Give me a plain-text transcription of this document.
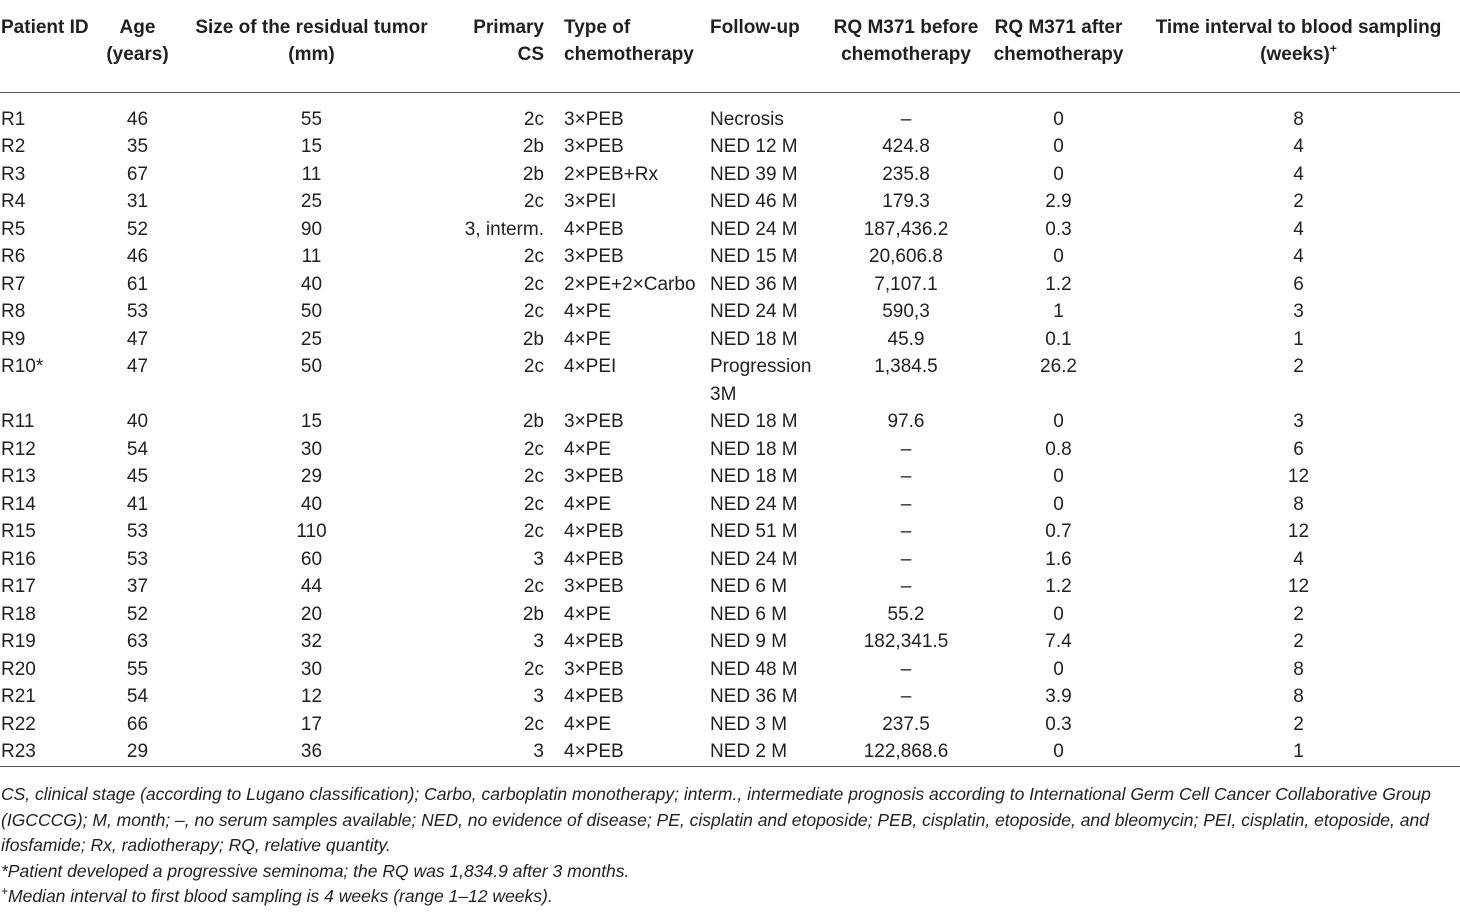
Patient ID	Age (years)	Size of the residual tumor (mm)	Primary CS	Type of chemotherapy	Follow-up	RQ M371 before chemotherapy	RQ M371 after chemotherapy	Time interval to blood sampling (weeks)+
R1	46	55	2c	3×PEB	Necrosis	–	0	8
R2	35	15	2b	3×PEB	NED 12 M	424.8	0	4
R3	67	11	2b	2×PEB+Rx	NED 39 M	235.8	0	4
R4	31	25	2c	3×PEI	NED 46 M	179.3	2.9	2
R5	52	90	3, interm.	4×PEB	NED 24 M	187,436.2	0.3	4
R6	46	11	2c	3×PEB	NED 15 M	20,606.8	0	4
R7	61	40	2c	2×PE+2×Carbo	NED 36 M	7,107.1	1.2	6
R8	53	50	2c	4×PE	NED 24 M	590,3	1	3
R9	47	25	2b	4×PE	NED 18 M	45.9	0.1	1
R10*	47	50	2c	4×PEI	Progression 3M	1,384.5	26.2	2
R11	40	15	2b	3×PEB	NED 18 M	97.6	0	3
R12	54	30	2c	4×PE	NED 18 M	–	0.8	6
R13	45	29	2c	3×PEB	NED 18 M	–	0	12
R14	41	40	2c	4×PE	NED 24 M	–	0	8
R15	53	110	2c	4×PEB	NED 51 M	–	0.7	12
R16	53	60	3	4×PEB	NED 24 M	–	1.6	4
R17	37	44	2c	3×PEB	NED 6 M	–	1.2	12
R18	52	20	2b	4×PE	NED 6 M	55.2	0	2
R19	63	32	3	4×PEB	NED 9 M	182,341.5	7.4	2
R20	55	30	2c	3×PEB	NED 48 M	–	0	8
R21	54	12	3	4×PEB	NED 36 M	–	3.9	8
R22	66	17	2c	4×PE	NED 3 M	237.5	0.3	2
R23	29	36	3	4×PEB	NED 2 M	122,868.6	0	1

CS, clinical stage (according to Lugano classification); Carbo, carboplatin monotherapy; interm., intermediate prognosis according to International Germ Cell Cancer Collaborative Group (IGCCCG); M, month; –, no serum samples available; NED, no evidence of disease; PE, cisplatin and etoposide; PEB, cisplatin, etoposide, and bleomycin; PEI, cisplatin, etoposide, and ifosfamide; Rx, radiotherapy; RQ, relative quantity.

*Patient developed a progressive seminoma; the RQ was 1,834.9 after 3 months.

+Median interval to first blood sampling is 4 weeks (range 1–12 weeks).
